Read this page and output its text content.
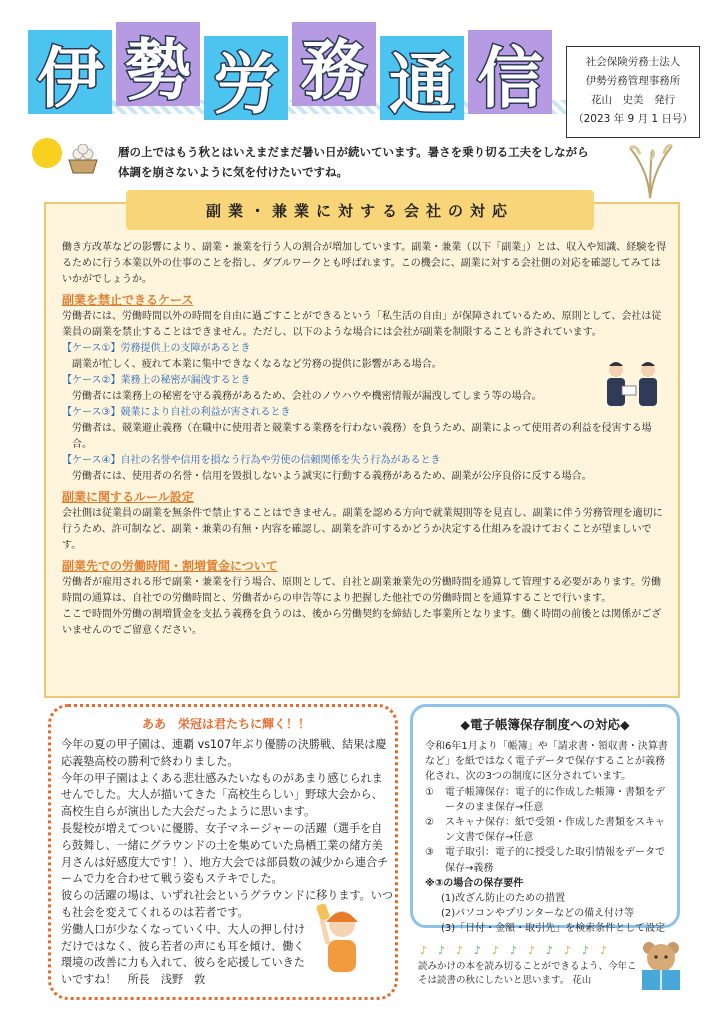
伊 勢 労 務 通 信	社会保険労務士法人
伊勢労務管理事務所
花山　史美　発行
（2023 年 9 月 1 日号）
暦の上ではもう秋とはいえまだまだ暑い日が続いています。暑さを乗り切る工夫をしながら
体調を崩さないように気を付けたいですね。
副業・兼業に対する会社の対応

働き方改革などの影響により、副業・兼業を行う人の割合が増加しています。副業・兼業（以下「副業」）とは、収入や知識、経験を得るために行う本業以外の仕事のことを指し、ダブルワークとも呼ばれます。この機会に、副業に対する会社側の対応を確認してみてはいかがでしょうか。

副業を禁止できるケース

労働者には、労働時間以外の時間を自由に過ごすことができるという「私生活の自由」が保障されているため、原則として、会社は従業員の副業を禁止することはできません。ただし、以下のような場合には会社が副業を制限することも許されています。

【ケース①】労務提供上の支障があるとき

副業が忙しく、疲れて本業に集中できなくなるなど労務の提供に影響がある場合。

【ケース②】業務上の秘密が漏洩するとき

労働者には業務上の秘密を守る義務があるため、会社のノウハウや機密情報が漏洩してしまう等の場合。

【ケース③】競業により自社の利益が害されるとき

労働者は、競業避止義務（在職中に使用者と競業する業務を行わない義務）を負うため、副業によって使用者の利益を侵害する場合。

【ケース④】自社の名誉や信用を損なう行為や労使の信頼関係を失う行為があるとき

労働者には、使用者の名誉・信用を毀損しないよう誠実に行動する義務があるため、副業が公序良俗に反する場合。

副業に関するルール設定

会社側は従業員の副業を無条件で禁止することはできません。副業を認める方向で就業規則等を見直し、副業に伴う労務管理を適切に行うため、許可制など、副業・兼業の有無・内容を確認し、副業を許可するかどうか決定する仕組みを設けておくことが望ましいです。

副業先での労働時間・割増賃金について

労働者が雇用される形で副業・兼業を行う場合、原則として、自社と副業兼業先の労働時間を通算して管理する必要があります。労働時間の通算は、自社での労働時間と、労働者からの申告等により把握した他社での労働時間とを通算することで行います。

ここで時間外労働の割増賃金を支払う義務を負うのは、後から労働契約を締結した事業所となります。働く時間の前後とは関係がございませんのでご留意ください。

ああ　栄冠は君たちに輝く！！

今年の夏の甲子園は、連覇 vs107年ぶり優勝の決勝戦、結果は慶応義塾高校の勝利で終わりました。

今年の甲子園はよくある悲壮感みたいなものがあまり感じられませんでした。大人が描いてきた「高校生らしい」野球大会から、高校生自らが演出した大会だったように思います。

長髪校が増えてついに優勝、女子マネージャーの活躍（選手を自ら鼓舞し、一緒にグラウンドの土を集めていた鳥栖工業の緒方美月さんは好感度大です！）、地方大会では部員数の減少から連合チームで力を合わせて戦う姿もステキでした。

彼らの活躍の場は、いずれ社会というグラウンドに移ります。いつも社会を変えてくれるのは若者です。

労働人口が少なくなっていく中、大人の押し付けだけではなく、彼ら若者の声にも耳を傾け、働く環境の改善に力も入れて、彼らを応援していきたいですね！　所長　浅野　敦

◆電子帳簿保存制度への対応◆

令和6年1月より「帳簿」や「請求書・領収書・決算書など」を紙ではなく電子データで保存することが義務化され、次の3つの制度に区分されています。

①	電子帳簿保存：電子的に作成した帳簿・書類をデータのまま保存→任意
②	スキャナ保存：紙で受領・作成した書類をスキャン文書で保存→任意
③	電子取引：電子的に授受した取引情報をデータで保存→義務

※③の場合の保存要件

(1)改ざん防止のための措置

(2)パソコンやプリンターなどの備え付け等

(3)「日付・金額・取引先」を検索条件として設定

♪ ♪ ♪ ♪ ♪ ♪ ♪ ♪ ♪ ♪ ♪
読みかけの本を読み切ることができるよう、今年こそは読書の秋にしたいと思います。 花山
